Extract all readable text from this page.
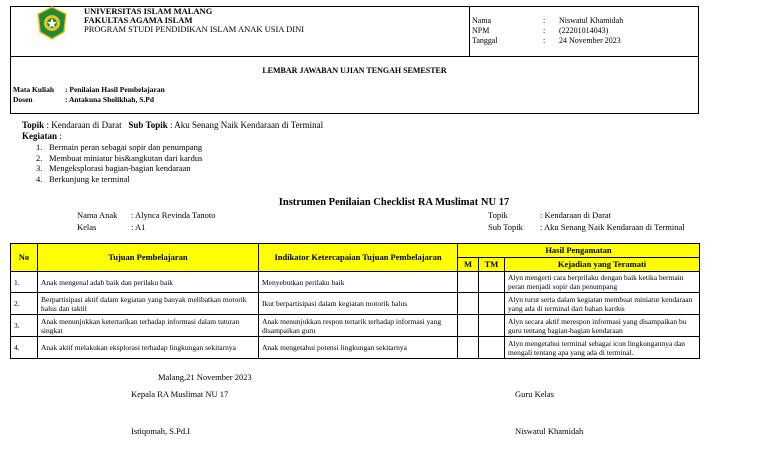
UNIVERSITAS ISLAM MALANG
FAKULTAS AGAMA ISLAM
PROGRAM STUDI PENDIDIKAN ISLAM ANAK USIA DINI
Nama	: Niswatul Khamidah
NPM	: (22201014043)
Tanggal	: 24 November 2023
LEMBAR JAWABAN UJIAN TENGAH SEMESTER
Mata Kuliah : Penilaian Hasil Pembelajaran
Dosen	: Antakuna Sholikhah, S.Pd
Topik : Kendaraan di Darat Sub Topik : Aku Senang Naik Kendaraan di Terminal
Kegiatan :
1. Bermain peran sebagai sopir dan penumpang
2. Membuat miniatur bis&angkutan dari kardus
3. Mengeksplorasi bagian-bagian kendaraan
4. Berkunjung ke terminal
Instrumen Penilaian Checklist RA Muslimat NU 17
Nama Anak : Alynca Revinda Tanoto
Kelas	: A1
Topik	: Kendaraan di Darat
Sub Topik : Aku Senang Naik Kendaraan di Terminal
No	Tujuan Pembelajaran	Indikator Ketercapaian Tujuan Pembelajaran	Hasil Pengamatan		
			M	TM	Kejadian yang Teramati
1.	Anak mengenal adab baik dan perilaku baik	Menyebutkan perilaku baik			Alyn mengerti cara berprilaku dengan baik ketika bermain peran menjadi sopir dan penumpang
2.	Berpartisipasi aktif dalam kegiatan yang banyak melibatkan motorik halus dan taktil	Ikut berpartisipasi dalam kegiatan motorik halus			Alyn turut serta dalam kegiatan membuat miniatur kendaraan yang ada di terminal dari bahan kardus
3.	Anak menunjukkan ketertarikan terhadap informasi dalam tuturan singkat	Anak menunjukkan respon tertarik terhadap informasi yang disampaikan guru			Alyn secara aktif merespon informasi yang disampaikan bu guru tentang bagian-bagian kendaraan
4.	Anak aktif melakukan eksplorasi terhadap lingkungan sekitarnya	Anak mengetahui potensi lingkungan sekitarnya			Alyn mengetahui terminal sebagai icon lingkungannya dan mengali tentang apa yang ada di terminal.
Malang,21 November 2023
Kepala RA Muslimat NU 17
Istiqomah, S.Pd.I
Guru Kelas
Niswatul Khamidah
